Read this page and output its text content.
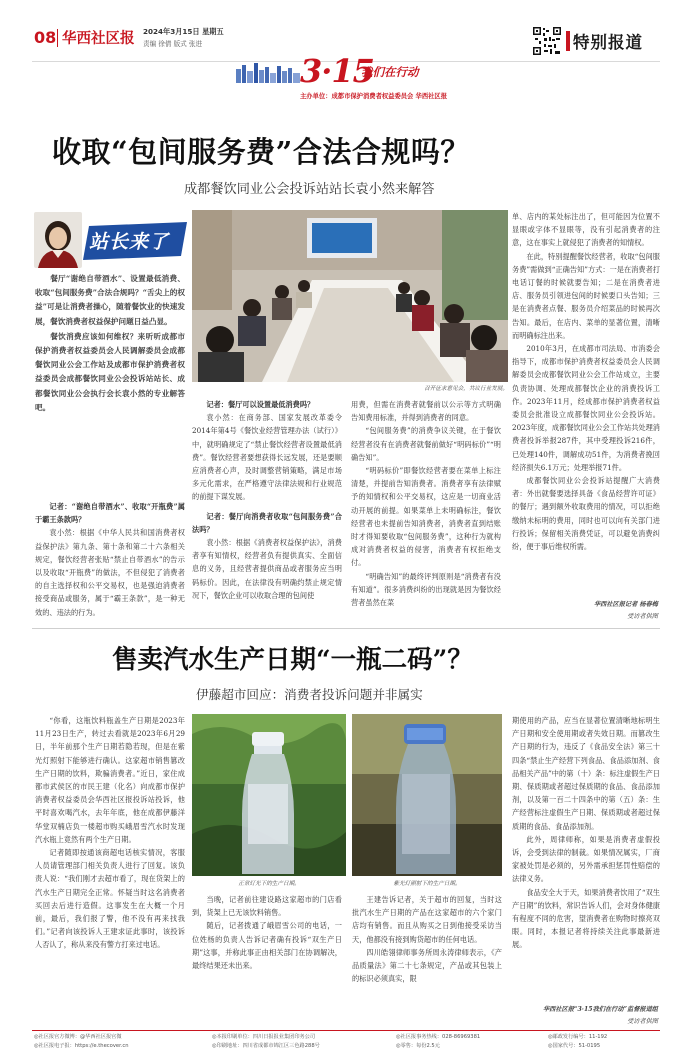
08 华西社区报 2024年3月15日 星期五
责编 徐倩 版式 张进	特别报道
3·15
我们在行动
主办单位：成都市保护消费者权益委员会 华西社区报
收取“包间服务费”合法合规吗？
成都餐饮同业公会投诉站站长袁小然来解答
站长来了

餐厅“谢绝自带酒水”、设置最低消费、收取“包间服务费”合法合规吗？“舌尖上的权益”可是让消费者操心，随着餐饮业的快速发展，餐饮消费者权益保护问题日益凸显。

餐饮消费应该如何维权？来听听成都市保护消费者权益委员会人民调解委员会成都餐饮同业公会工作站及成都市保护消费者权益委员会成都餐饮同业公会投诉站站长、成都餐饮同业公会执行会长袁小然的专业解答吧。

记者：“谢绝自带酒水”、收取“开瓶费”属于霸王条款吗？

袁小然：根据《中华人民共和国消费者权益保护法》第九条、第十条和第二十六条相关规定，餐饮经营者张贴“禁止自带酒水”的告示以及收取“开瓶费”的做法，不但侵犯了消费者的自主选择权和公平交易权，也是强迫消费者接受商品或服务，属于“霸王条款”，是一种无效的、违法的行为。

召开征求意见会，共议行业发展。

记者：餐厅可以设置最低消费吗？

袁小然：在商务部、国家发展改革委令2014年第4号《餐饮业经营管理办法（试行）》中，就明确规定了“禁止餐饮经营者设置最低消费”。餐饮经营者要想获得长远发展，还是要顺应消费者心声，及时调整营销策略，满足市场多元化需求，在严格遵守法律法规和行业规范的前提下谋发展。

记者：餐厅向消费者收取“包间服务费”合法吗？

袁小然：根据《消费者权益保护法》，消费者享有知情权，经营者负有提供真实、全面信息的义务，且经营者提供商品或者服务应当明码标价。因此，在法律没有明确约禁止规定情况下，餐饮企业可以收取合理的包间使

用费，但需在消费者就餐前以公示等方式明确告知费用标准，并得到消费者的同意。

“包间服务费”的消费争议关键，在于餐饮经营者没有在消费者就餐前做好“明码标价”“明确告知”。

“明码标价”即餐饮经营者要在菜单上标注清楚，并提前告知消费者。消费者享有法律赋予的知情权和公平交易权，这应是一切商业活动开展的前提。如果菜单上未明确标注，餐饮经营者也未提前告知消费者，消费者直到结账时才得知要收取“包间服务费”，这种行为就构成对消费者权益的侵害，消费者有权拒绝支付。

“明确告知”的最终评判原则是“消费者有没有知道”。很多消费纠纷的出现就是因为餐饮经营者虽然在菜

单、店内的某处标注出了，但可能因为位置不显眼或字体不显眼等，没有引起消费者的注意，这在事实上就侵犯了消费者的知情权。

在此，特别提醒餐饮经营者，收取“包间服务费”需做到“正确告知”方式：一是在消费者打电话订餐的时候就要告知；二是在消费者进店、服务员引领进包间的时候要口头告知；三是在消费者点餐、服务员介绍菜品的时候再次告知。最后，在店内、菜单的显著位置，清晰而明确标注出来。

2010年3月，在成都市司法局、市消委会指导下，成都市保护消费者权益委员会人民调解委员会成都餐饮同业公会工作站成立，主要负责协调、处理成都餐饮企业的消费投诉工作。2023年11月，经成都市保护消费者权益委员会批准设立成都餐饮同业公会投诉站。2023年度，成都餐饮同业公会工作站共处理消费者投诉举报287件，其中受理投诉216件，已处理140件，调解成功51件，为消费者挽回经济损失6.1万元；处理举报71件。

成都餐饮同业公会投诉站提醒广大消费者：外出就餐要选择具备《食品经营许可证》的餐厅；遇到额外收取费用的情况，可以拒绝缴纳未标明的费用，同时也可以向有关部门进行投诉；保留相关消费凭证，可以避免消费纠纷，便于事后维权所需。

华西社区报记者 杨春梅
受访者供图
售卖汽水生产日期“一瓶二码”？
伊藤超市回应：消费者投诉问题并非属实

“你看，这瓶饮料瓶盖生产日期是2023年11月23日生产，转过去看就是2023年6月29日，半年前那个生产日期若隐若现，但是在紫光灯照射下能够进行确认。这家超市销售篡改生产日期的饮料，欺骗消费者。”近日，家住成都市武侯区的市民王建（化名）向成都市保护消费者权益委员会华西社区报投诉站投诉，他平时喜欢喝汽水，去年年底，他在成都伊藤洋华堂双楠店负一楼超市购买峨眉雪汽水时发现汽水瓶上竟然有两个生产日期。

记者随即按通该商超电话核实情况，客服人员请管理部门相关负责人进行了回复。该负责人说：“我们刚才去超市看了，现在货架上的汽水生产日期完全正常。怀疑当时这名消费者买回去后进行造假。这事发生在大概一个月前，最后，我们报了警，他不没有再来找我们。”记者向该投诉人王建求证此事时，该投诉人否认了，称从来没有警方打来过电话。

正常灯光下的生产日期。	紫光灯照射下的生产日期。

当晚，记者前往建设路这家超市的门店看到，货架上已无该饮料销售。

随后，记者拨通了峨眉雪公司的电话，一位姓杨的负责人告诉记者确有投诉“双生产日期”这事，并称此事正由相关部门在协调解决，最终结果还未出来。

王建告诉记者，关于超市的回复，当时这批汽水生产日期的产品在这家超市的六个家门店均有销售。而且从购买之日到他接受采访当天，他都没有接到购货超市的任何电话。

四川皓翎律师事务所周永涛律师表示，《产品质量法》第二十七条规定，产品或其包装上的标识必须真实，限

期使用的产品，应当在显著位置清晰地标明生产日期和安全使用期或者失效日期。而篡改生产日期的行为，违反了《食品安全法》第三十四条“禁止生产经营下列食品、食品添加剂、食品相关产品”中的第（十）条：标注虚假生产日期、保质期或者超过保质期的食品、食品添加剂，以及第一百二十四条中的第（五）条：生产经营标注虚假生产日期、保质期或者超过保质期的食品、食品添加剂。

此外，周律师称，如果是消费者虚假投诉，会受到法律的制裁。如果情况属实，厂商家被处罚是必须的，另外需承担惩罚性赔偿的法律义务。

食品安全大于天，如果消费者饮用了“双生产日期”的饮料，常识告诉人们，会对身体健康有程度不同的危害，望消费者在购物时擦亮双眼。同时，本报记者将持续关注此事最新进展。

华西社区报“3·15我们在行动”监督报道组
受访者供图
◎社区报官方微博：@华西社区报官微
◎社区报电子报：https://e.thecover.cn
◎本报印刷单位：四川日报报业集团印务公司
◎印刷地址：四川省成都市锦江区三色路288号
◎社区报事务热线：028-86969381
◎零售：每份2.5元
◎邮政发行编号：11-192
◎国家代号：51-0195
